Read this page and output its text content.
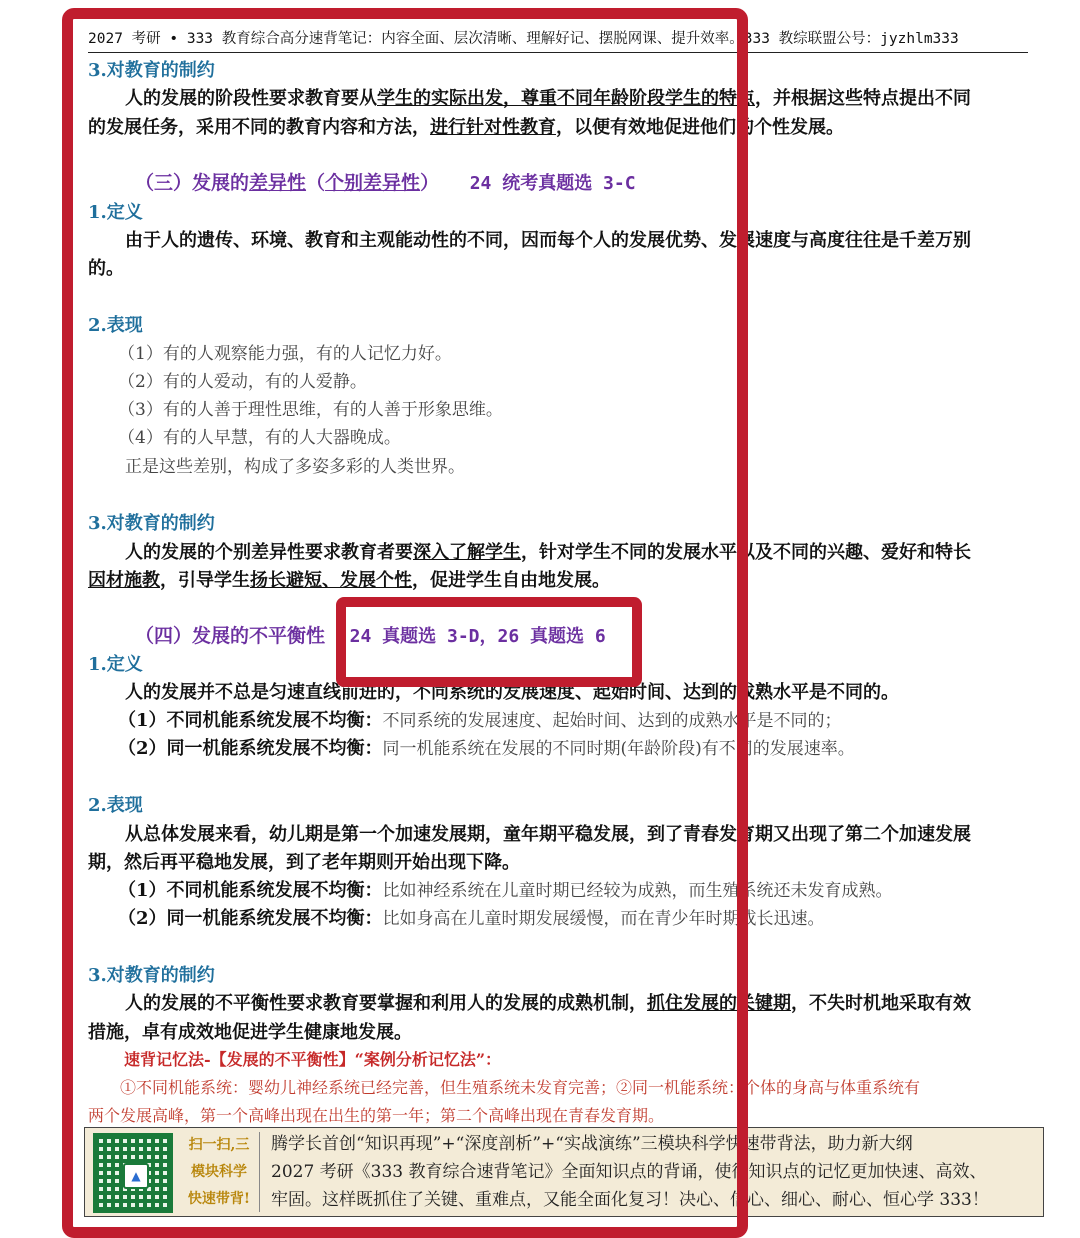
2027 考研 • 333 教育综合高分速背笔记：内容全面、层次清晰、理解好记、摆脱网课、提升效率。333 教综联盟公号：jyzhlm333
3.对教育的制约
人的发展的阶段性要求教育要从学生的实际出发，尊重不同年龄阶段学生的特点，并根据这些特点提出不同
的发展任务，采用不同的教育内容和方法，进行针对性教育，以便有效地促进他们的个性发展。
（三）发展的差异性（个别差异性） 24 统考真题选 3-C
1.定义
由于人的遗传、环境、教育和主观能动性的不同，因而每个人的发展优势、发展速度与高度往往是千差万别
的。
2.表现
（1）有的人观察能力强，有的人记忆力好。
（2）有的人爱动，有的人爱静。
（3）有的人善于理性思维，有的人善于形象思维。
（4）有的人早慧，有的人大器晚成。
正是这些差别，构成了多姿多彩的人类世界。
3.对教育的制约
人的发展的个别差异性要求教育者要深入了解学生，针对学生不同的发展水平以及不同的兴趣、爱好和特长
因材施教，引导学生扬长避短、发展个性，促进学生自由地发展。
（四）发展的不平衡性 24 真题选 3-D，26 真题选 6
1.定义
人的发展并不总是匀速直线前进的，不同系统的发展速度、起始时间、达到的成熟水平是不同的。
（1）不同机能系统发展不均衡：不同系统的发展速度、起始时间、达到的成熟水平是不同的；
（2）同一机能系统发展不均衡：同一机能系统在发展的不同时期(年龄阶段)有不同的发展速率。
2.表现
从总体发展来看，幼儿期是第一个加速发展期，童年期平稳发展，到了青春发育期又出现了第二个加速发展
期，然后再平稳地发展，到了老年期则开始出现下降。
（1）不同机能系统发展不均衡：比如神经系统在儿童时期已经较为成熟，而生殖系统还未发育成熟。
（2）同一机能系统发展不均衡：比如身高在儿童时期发展缓慢，而在青少年时期成长迅速。
3.对教育的制约
人的发展的不平衡性要求教育要掌握和利用人的发展的成熟机制，抓住发展的关键期，不失时机地采取有效
措施，卓有成效地促进学生健康地发展。
速背记忆法-【发展的不平衡性】“案例分析记忆法”：
①不同机能系统：婴幼儿神经系统已经完善，但生殖系统未发育完善；②同一机能系统：个体的身高与体重系统有
两个发展高峰，第一个高峰出现在出生的第一年；第二个高峰出现在青春发育期。
▲
扫一扫,三
模块科学
快速带背!
腾学长首创“知识再现”+“深度剖析”+“实战演练”三模块科学快速带背法，助力新大纲
2027 考研《333 教育综合速背笔记》全面知识点的背诵，使得知识点的记忆更加快速、高效、
牢固。这样既抓住了关键、重难点，又能全面化复习！决心、信心、细心、耐心、恒心学 333！
